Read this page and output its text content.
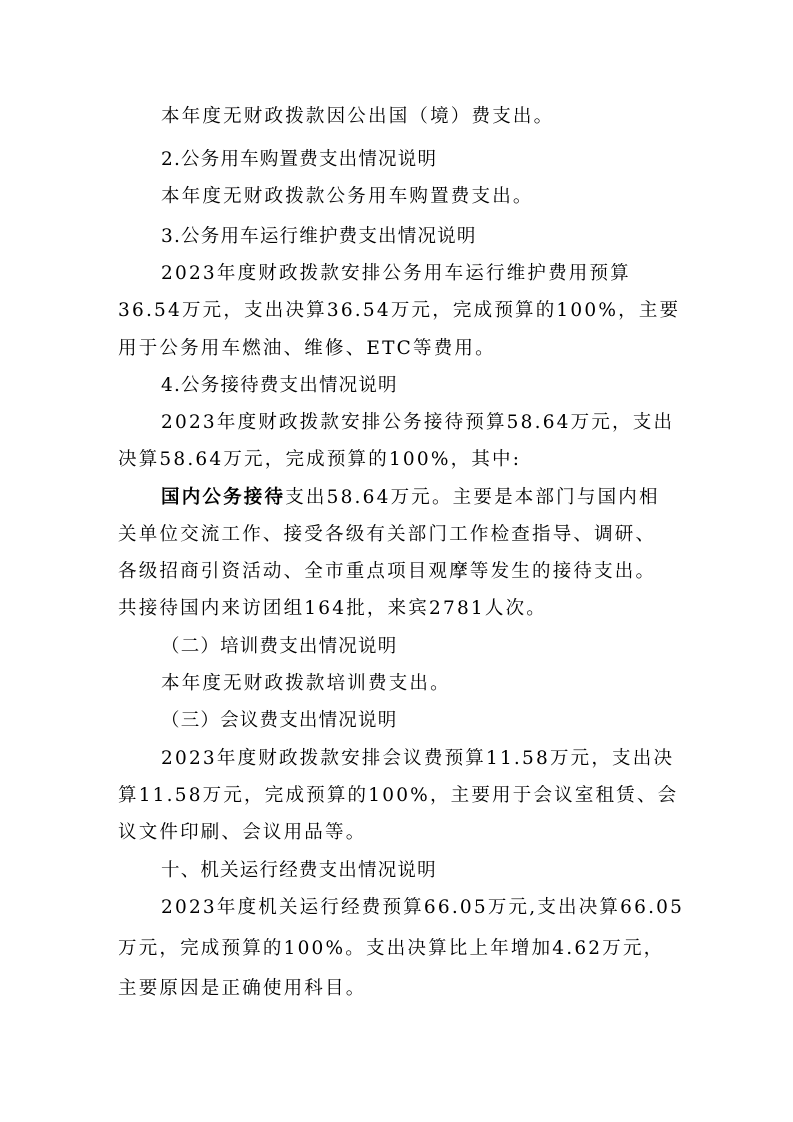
本年度无财政拨款因公出国（境）费支出。
2.公务用车购置费支出情况说明
本年度无财政拨款公务用车购置费支出。
3.公务用车运行维护费支出情况说明
2023年度财政拨款安排公务用车运行维护费用预算
36.54万元，支出决算36.54万元，完成预算的100%，主要
用于公务用车燃油、维修、ETC等费用。
4.公务接待费支出情况说明
2023年度财政拨款安排公务接待预算58.64万元，支出
决算58.64万元，完成预算的100%，其中:
国内公务接待支出58.64万元。主要是本部门与国内相
关单位交流工作、接受各级有关部门工作检查指导、调研、
各级招商引资活动、全市重点项目观摩等发生的接待支出。
共接待国内来访团组164批，来宾2781人次。
（二）培训费支出情况说明
本年度无财政拨款培训费支出。
（三）会议费支出情况说明
2023年度财政拨款安排会议费预算11.58万元，支出决
算11.58万元，完成预算的100%，主要用于会议室租赁、会
议文件印刷、会议用品等。
十、机关运行经费支出情况说明
2023年度机关运行经费预算66.05万元,支出决算66.05
万元，完成预算的100%。支出决算比上年增加4.62万元，
主要原因是正确使用科目。
